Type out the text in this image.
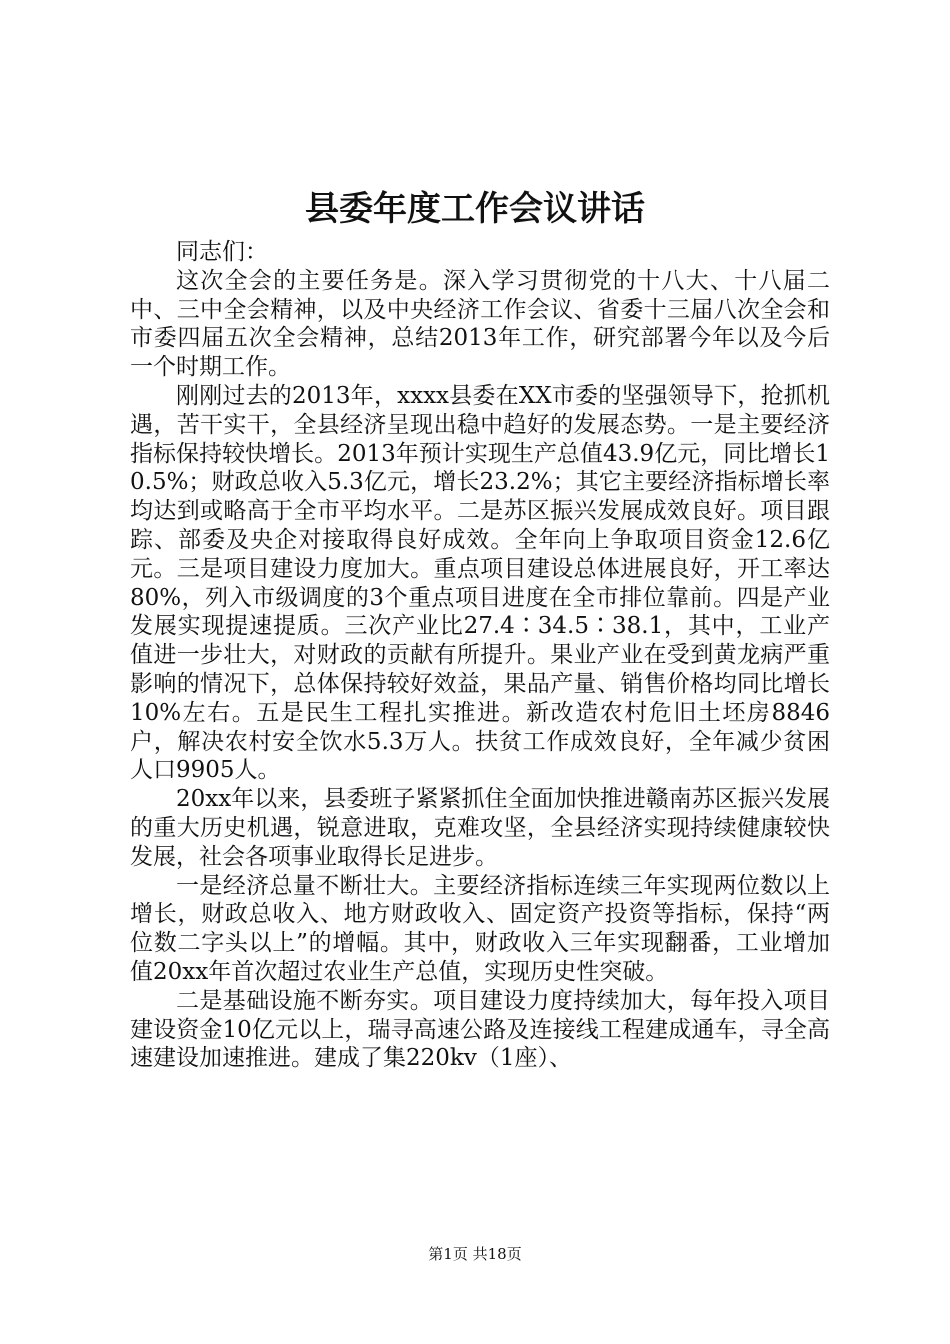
县委年度工作会议讲话

同志们：

这次全会的主要任务是。深入学习贯彻党的十八大、十八届二中、三中全会精神，以及中央经济工作会议、省委十三届八次全会和市委四届五次全会精神，总结2013年工作，研究部署今年以及今后一个时期工作。

刚刚过去的2013年，xxxx县委在XX市委的坚强领导下，抢抓机遇，苦干实干，全县经济呈现出稳中趋好的发展态势。一是主要经济指标保持较快增长。2013年预计实现生产总值43.9亿元，同比增长10.5%；财政总收入5.3亿元，增长23.2%；其它主要经济指标增长率均达到或略高于全市平均水平。二是苏区振兴发展成效良好。项目跟踪、部委及央企对接取得良好成效。全年向上争取项目资金12.6亿元。三是项目建设力度加大。重点项目建设总体进展良好，开工率达80%，列入市级调度的3个重点项目进度在全市排位靠前。四是产业发展实现提速提质。三次产业比27.4∶34.5∶38.1，其中，工业产值进一步壮大，对财政的贡献有所提升。果业产业在受到黄龙病严重影响的情况下，总体保持较好效益，果品产量、销售价格均同比增长10%左右。五是民生工程扎实推进。新改造农村危旧土坯房8846户，解决农村安全饮水5.3万人。扶贫工作成效良好，全年减少贫困人口9905人。

20xx年以来，县委班子紧紧抓住全面加快推进赣南苏区振兴发展的重大历史机遇，锐意进取，克难攻坚，全县经济实现持续健康较快发展，社会各项事业取得长足进步。

一是经济总量不断壮大。主要经济指标连续三年实现两位数以上增长，财政总收入、地方财政收入、固定资产投资等指标，保持“两位数二字头以上”的增幅。其中，财政收入三年实现翻番，工业增加值20xx年首次超过农业生产总值，实现历史性突破。

二是基础设施不断夯实。项目建设力度持续加大，每年投入项目建设资金10亿元以上，瑞寻高速公路及连接线工程建成通车，寻全高速建设加速推进。建成了集220kv（1座）、

第1页 共18页
